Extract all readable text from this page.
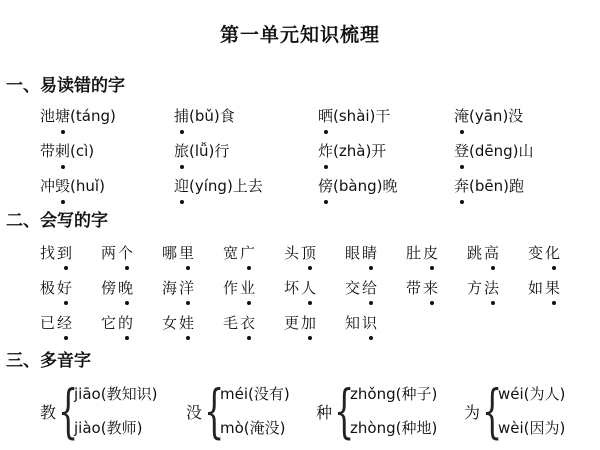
第一单元知识梳理
一、易读错的字
池塘(táng)	捕(bǔ)食	晒(shài)干	淹(yān)没
带刺(cì)	旅(lǚ)行	炸(zhà)开	登(dēng)山
冲毁(huǐ)	迎(yíng)上去	傍(bàng)晚	奔(bēn)跑
二、会写的字
找到	两个	哪里	宽广	头顶	眼睛	肚皮	跳高	变化
极好	傍晚	海洋	作业	坏人	交给	带来	方法	如果
已经	它的	女娃	毛衣	更加	知识
三、多音字
教 {
jiāo(教知识)
jiào(教师)
没 {
méi(没有)
mò(淹没)
种 {
zhǒng(种子)
zhòng(种地)
为 {
wéi(为人)
wèi(因为)
